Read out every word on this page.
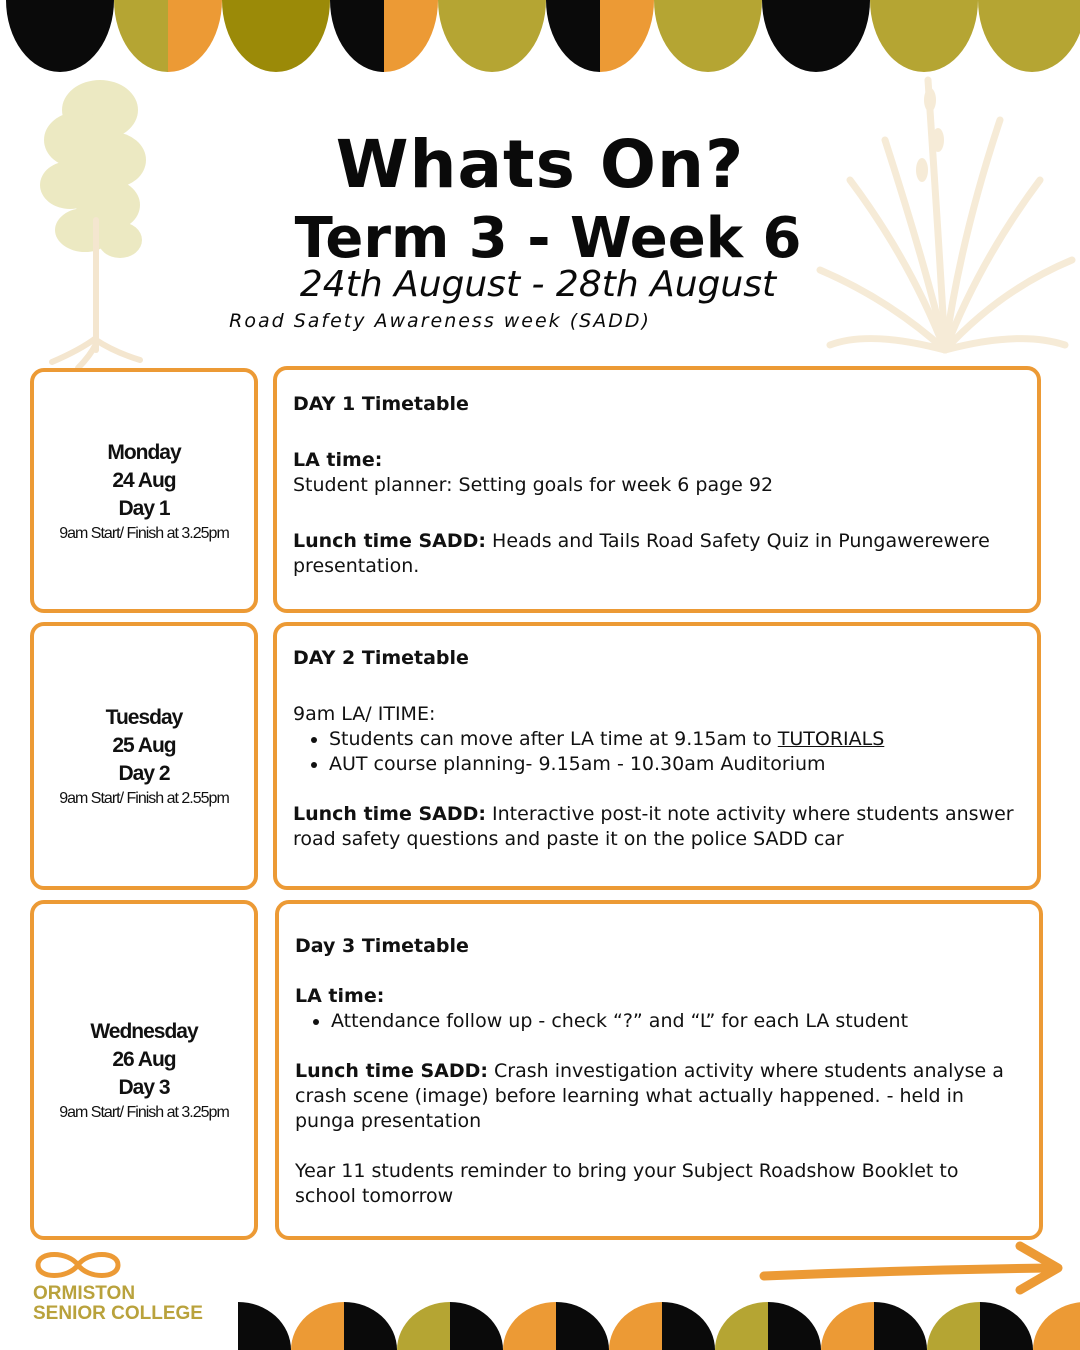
Whats On?
Term 3 - Week 6
24th August - 28th August
Road Safety Awareness week (SADD)
Monday
24 Aug
Day 1
9am Start/ Finish at 3.25pm

DAY 1 Timetable

LA time:

Student planner: Setting goals for week 6 page 92

Lunch time SADD: Heads and Tails Road Safety Quiz in Pungawerewere presentation.

Tuesday
25 Aug
Day 2
9am Start/ Finish at 2.55pm

DAY 2 Timetable

9am LA/ ITIME:

• Students can move after LA time at 9.15am to TUTORIALS
• AUT course planning- 9.15am - 10.30am Auditorium

Lunch time SADD: Interactive post-it note activity where students answer road safety questions and paste it on the police SADD car

Wednesday
26 Aug
Day 3
9am Start/ Finish at 3.25pm

Day 3 Timetable

LA time:

• Attendance follow up - check “?” and “L” for each LA student

Lunch time SADD: Crash investigation activity where students analyse a crash scene (image) before learning what actually happened. - held in punga presentation

Year 11 students reminder to bring your Subject Roadshow Booklet to school tomorrow

ORMISTON
SENIOR COLLEGE
